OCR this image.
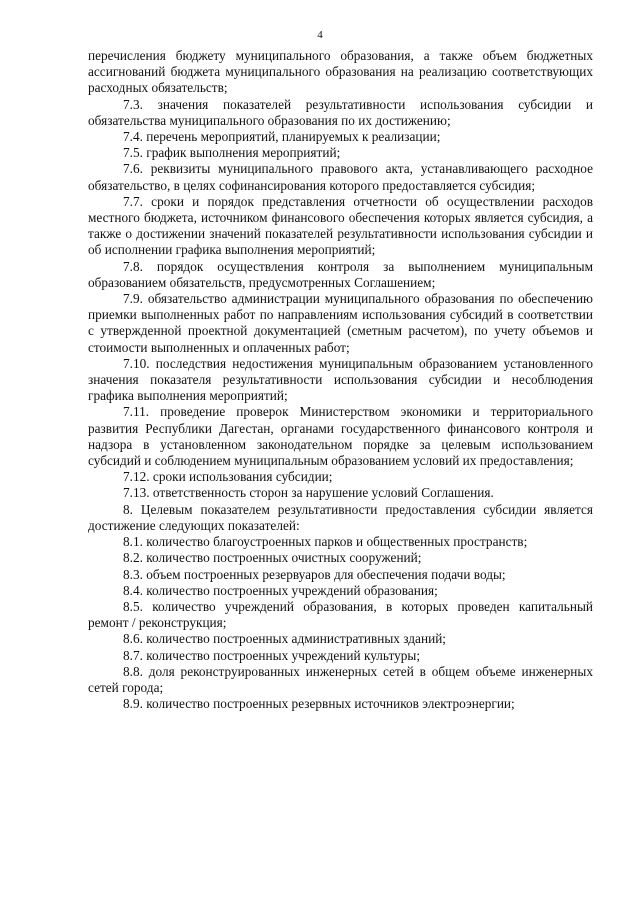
4

перечисления бюджету муниципального образования, а также объем бюджетных ассигнований бюджета муниципального образования на реализацию соответствующих расходных обязательств;

7.3. значения показателей результативности использования субсидии и обязательства муниципального образования по их достижению;

7.4. перечень мероприятий, планируемых к реализации;

7.5. график выполнения мероприятий;

7.6. реквизиты муниципального правового акта, устанавливающего расходное обязательство, в целях софинансирования которого предоставляется субсидия;

7.7. сроки и порядок представления отчетности об осуществлении расходов местного бюджета, источником финансового обеспечения которых является субсидия, а также о достижении значений показателей результативности использования субсидии и об исполнении графика выполнения мероприятий;

7.8. порядок осуществления контроля за выполнением муниципальным образованием обязательств, предусмотренных Соглашением;

7.9. обязательство администрации муниципального образования по обеспечению приемки выполненных работ по направлениям использования субсидий в соответствии с утвержденной проектной документацией (сметным расчетом), по учету объемов и стоимости выполненных и оплаченных работ;

7.10. последствия недостижения муниципальным образованием установленного значения показателя результативности использования субсидии и несоблюдения графика выполнения мероприятий;

7.11. проведение проверок Министерством экономики и территориального развития Республики Дагестан, органами государственного финансового контроля и надзора в установленном законодательном порядке за целевым использованием субсидий и соблюдением муниципальным образованием условий их предоставления;

7.12. сроки использования субсидии;

7.13. ответственность сторон за нарушение условий Соглашения.

8. Целевым показателем результативности предоставления субсидии является достижение следующих показателей:

8.1. количество благоустроенных парков и общественных пространств;

8.2. количество построенных очистных сооружений;

8.3. объем построенных резервуаров для обеспечения подачи воды;

8.4. количество построенных учреждений образования;

8.5. количество учреждений образования, в которых проведен капитальный ремонт / реконструкция;

8.6. количество построенных административных зданий;

8.7. количество построенных учреждений культуры;

8.8. доля реконструированных инженерных сетей в общем объеме инженерных сетей города;

8.9. количество построенных резервных источников электроэнергии;
